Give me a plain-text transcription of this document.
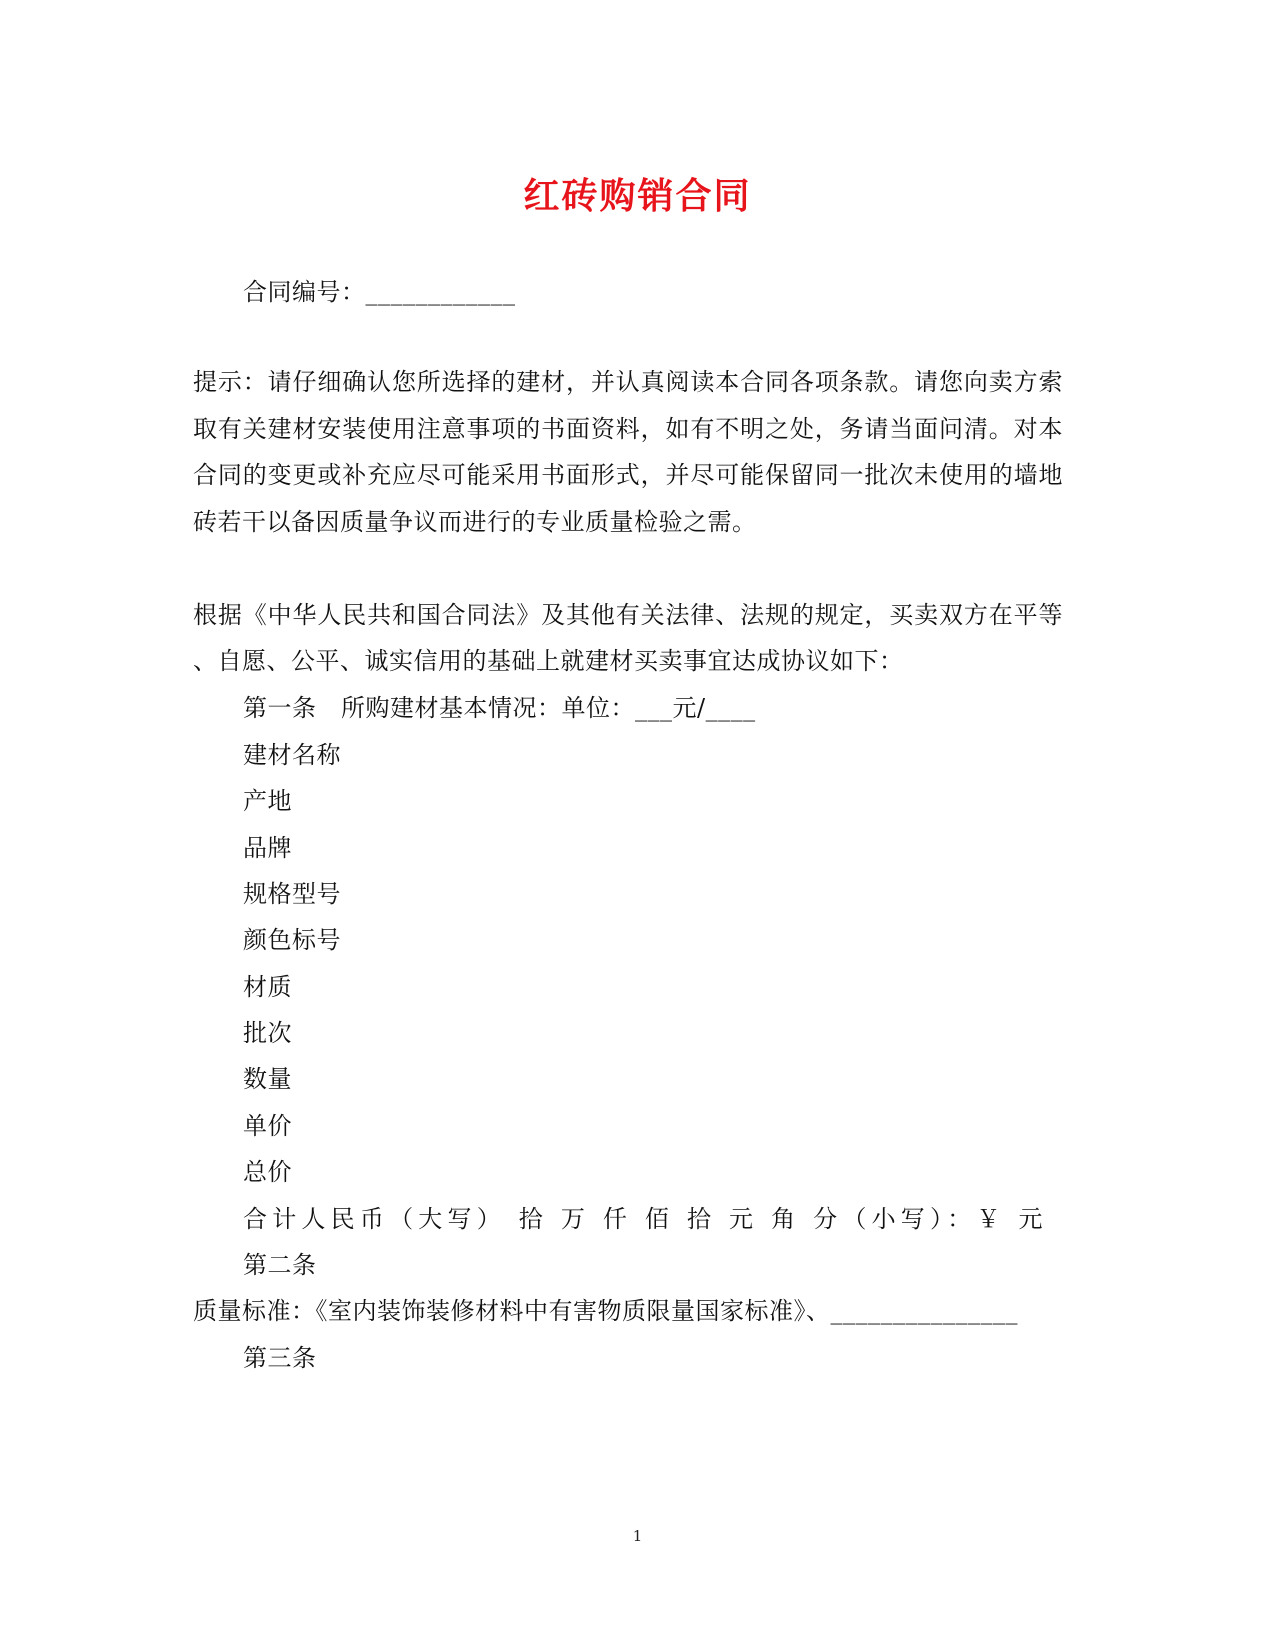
红砖购销合同
合同编号：____________
提示：请仔细确认您所选择的建材，并认真阅读本合同各项条款。请您向卖方索
取有关建材安装使用注意事项的书面资料，如有不明之处，务请当面问清。对本
合同的变更或补充应尽可能采用书面形式，并尽可能保留同一批次未使用的墙地
砖若干以备因质量争议而进行的专业质量检验之需。
根据《中华人民共和国合同法》及其他有关法律、法规的规定，买卖双方在平等
、自愿、公平、诚实信用的基础上就建材买卖事宜达成协议如下：
第一条　所购建材基本情况：单位：___元/____
建材名称
产地
品牌
规格型号
颜色标号
材质
批次
数量
单价
总价
合计人民币（大写） 拾 万 仟 佰 拾 元 角 分（小写）：￥ 元
第二条
质量标准：《室内装饰装修材料中有害物质限量国家标准》、_______________
第三条
1
